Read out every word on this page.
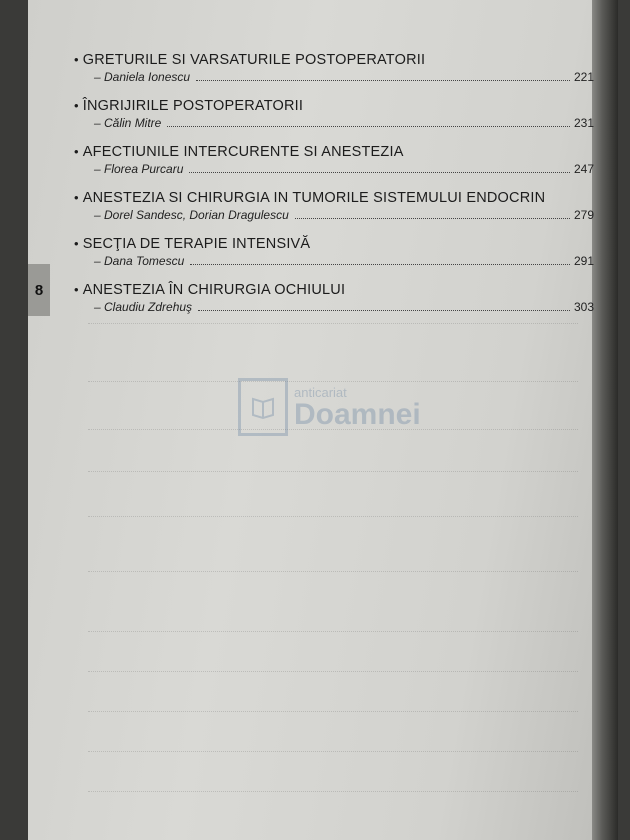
8
anticariat
Doamnei
• GRETURILE SI VARSATURILE POSTOPERATORII
– Daniela Ionescu	221
• ÎNGRIJIRILE POSTOPERATORII
– Călin Mitre	231
• AFECTIUNILE INTERCURENTE SI ANESTEZIA
– Florea Purcaru	247
• ANESTEZIA SI CHIRURGIA IN TUMORILE SISTEMULUI ENDOCRIN
– Dorel Sandesc, Dorian Dragulescu	279
• SECŢIA DE TERAPIE INTENSIVĂ
– Dana Tomescu	291
• ANESTEZIA ÎN CHIRURGIA OCHIULUI
– Claudiu Zdrehuş	303
